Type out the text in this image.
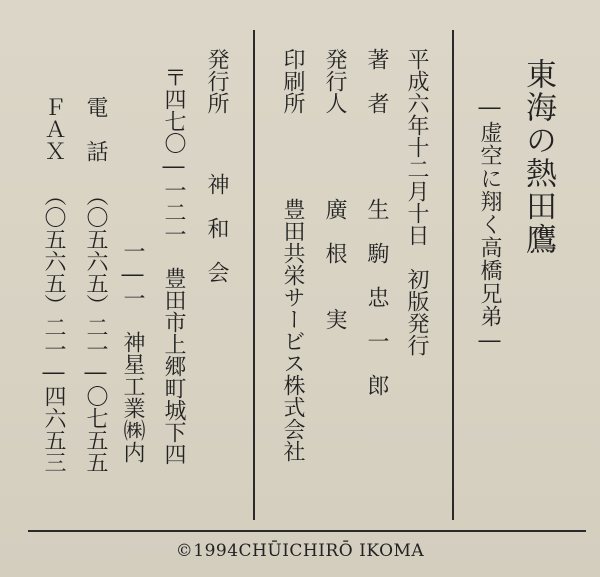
東海の熱田鷹
―虚空に翔く高橋兄弟―
平成六年十二月十日　初版発行
著　者
生　駒　忠　一　郎
発行人
廣　根　　実
印刷所
豊田共栄サービス株式会社
発行所
神　和　会
〒四七〇―一二一　豊田市上郷町城下四
一―一　神星工業㈱内
電　話
（〇五六五）二一―〇七五五
ＦＡＸ
（〇五六五）二一―四六五三
©1994CHŪICHIRŌ IKOMA
